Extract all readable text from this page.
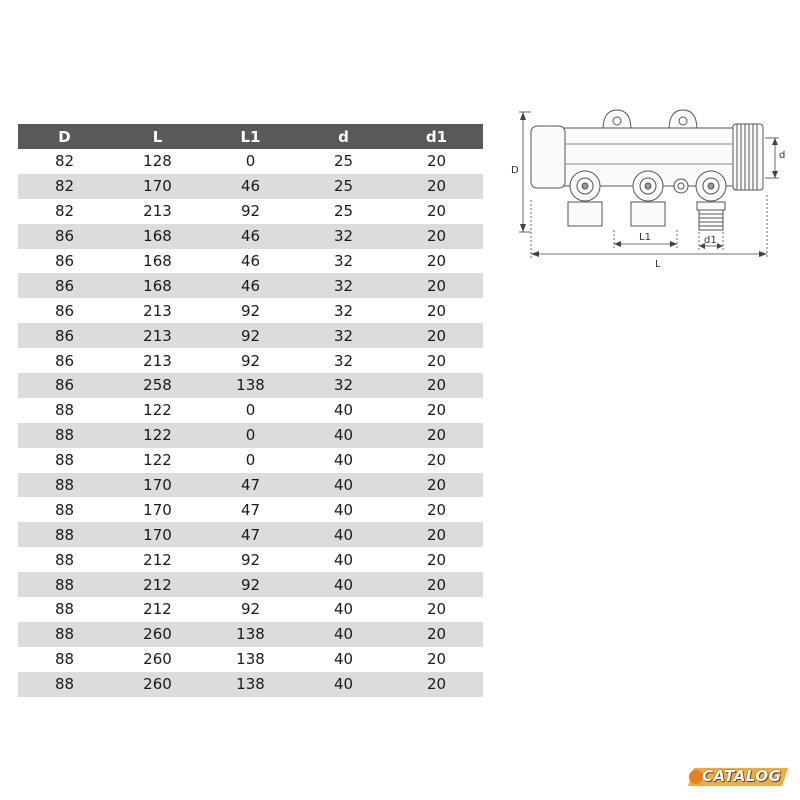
D	L	L1	d	d1
82	128	0	25	20
82	170	46	25	20
82	213	92	25	20
86	168	46	32	20
86	168	46	32	20
86	168	46	32	20
86	213	92	32	20
86	213	92	32	20
86	213	92	32	20
86	258	138	32	20
88	122	0	40	20
88	122	0	40	20
88	122	0	40	20
88	170	47	40	20
88	170	47	40	20
88	170	47	40	20
88	212	92	40	20
88	212	92	40	20
88	212	92	40	20
88	260	138	40	20
88	260	138	40	20
88	260	138	40	20
D
d
L1	d1
L
CATALOG
